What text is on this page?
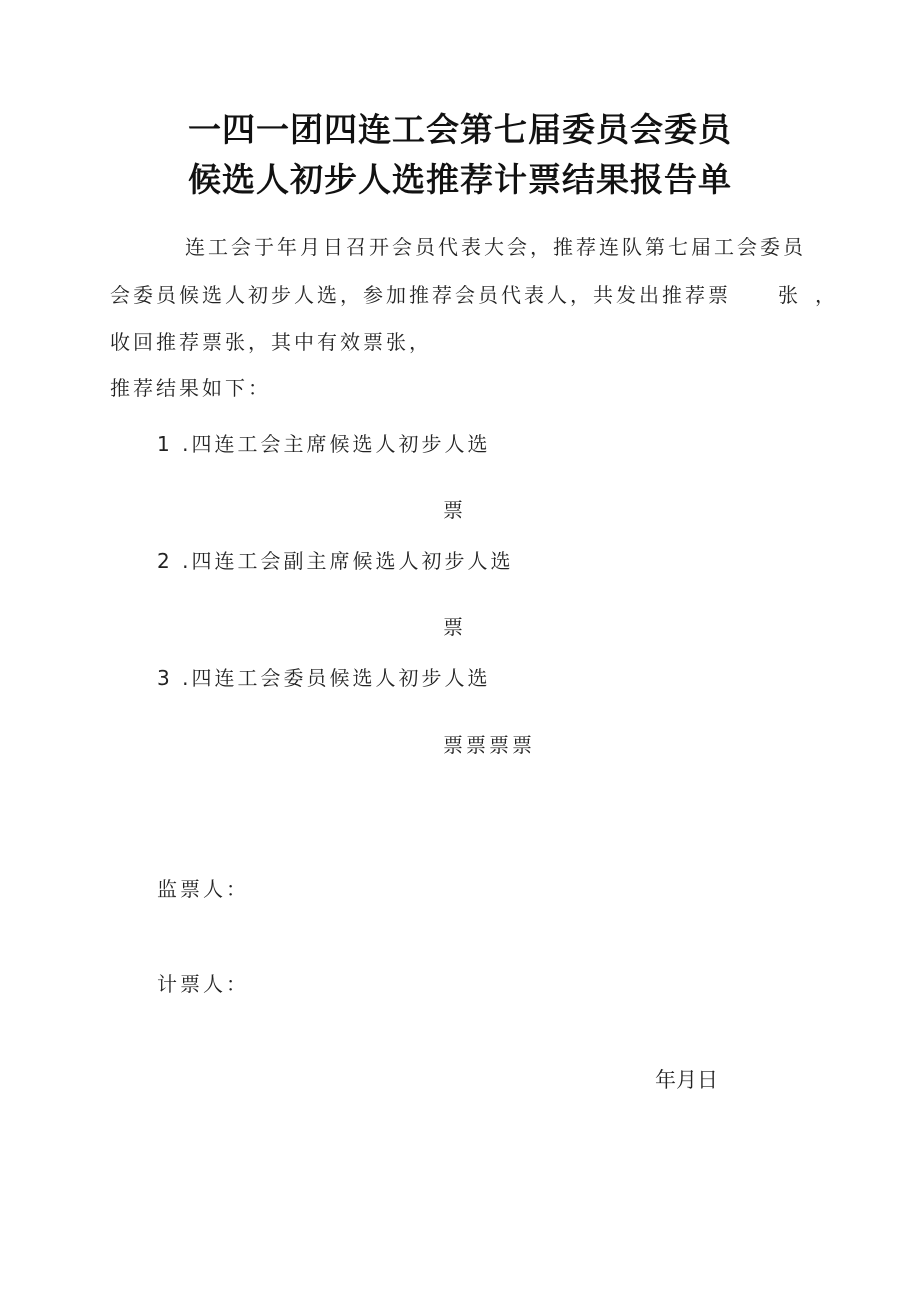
一四一团四连工会第七届委员会委员
候选人初步人选推荐计票结果报告单
连工会于年月日召开会员代表大会，推荐连队第七届工会委员
会委员候选人初步人选，参加推荐会员代表人，共发出推荐票 张 ，
收回推荐票张，其中有效票张，
推荐结果如下：
1 .四连工会主席候选人初步人选
票
2 .四连工会副主席候选人初步人选
票
3 .四连工会委员候选人初步人选
票票票票
监票人：
计票人：
年月日
